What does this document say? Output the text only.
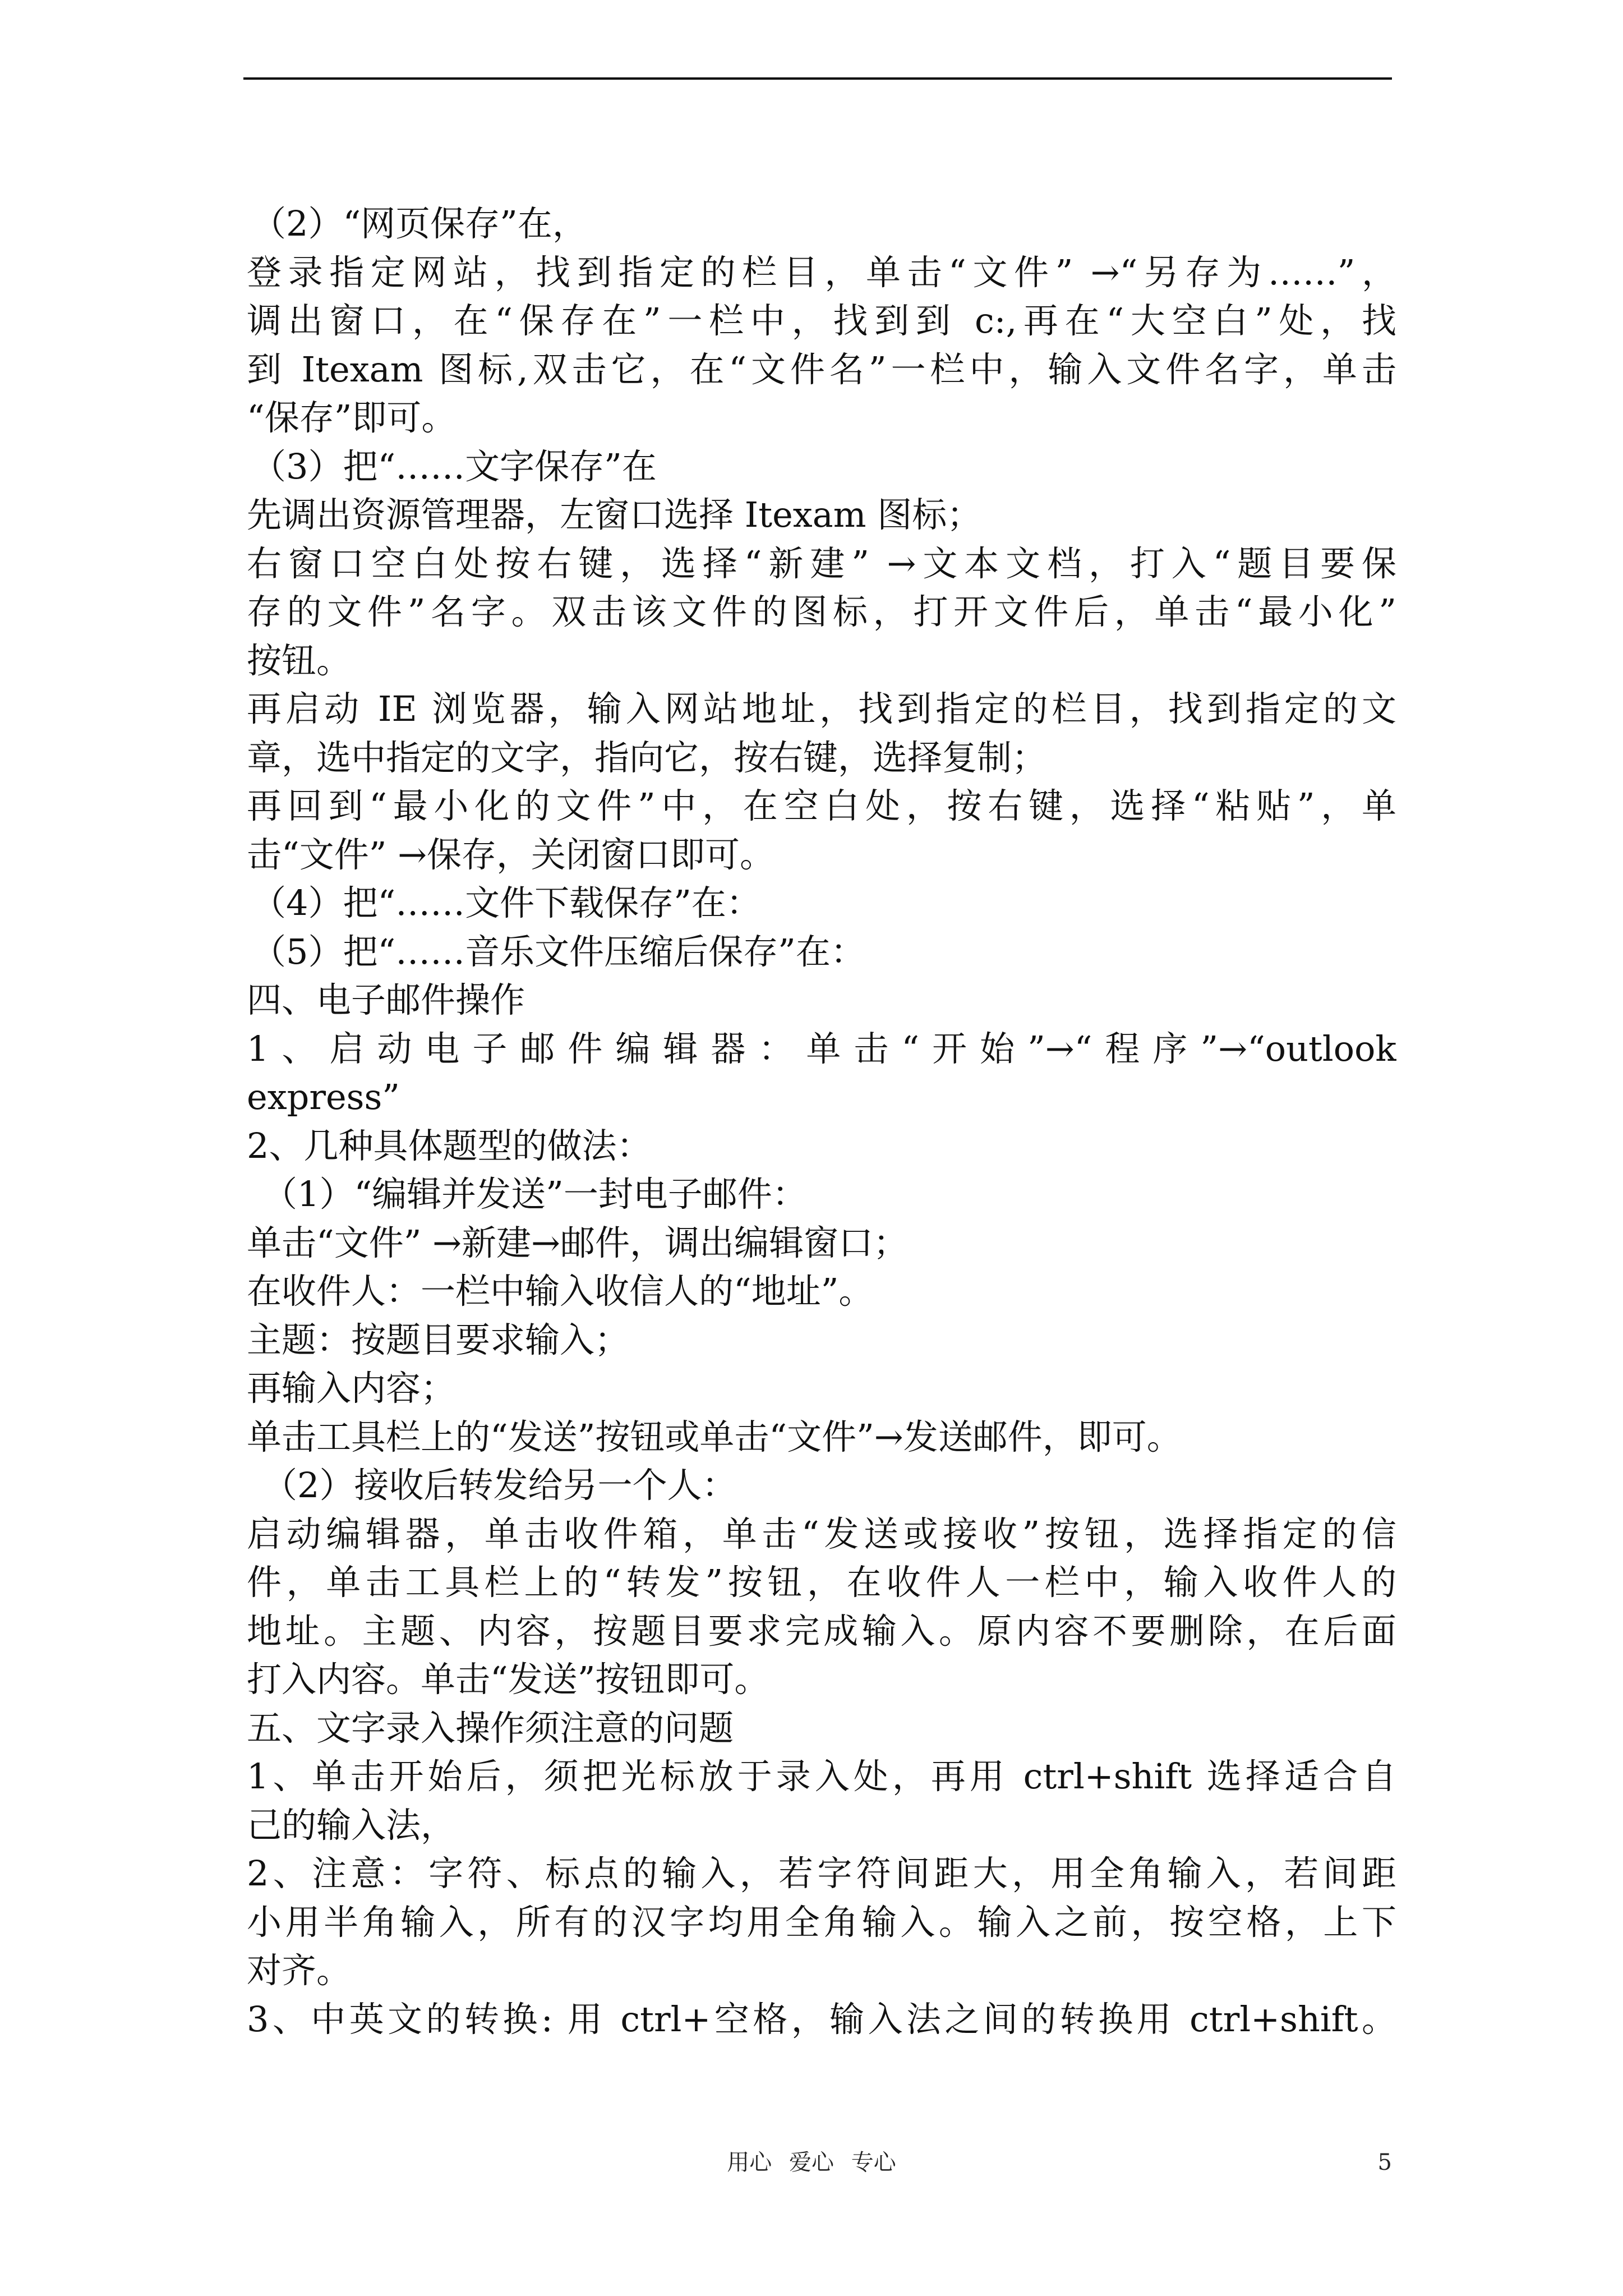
（2）“网页保存”在，
登录指定网站，找到指定的栏目，单击“文件” →“另存为……”，
调出窗口，在“保存在”一栏中，找到到 c:,再在“大空白”处，找
到 Itexam 图标,双击它，在“文件名”一栏中，输入文件名字，单击
“保存”即可。
（3）把“……文字保存”在
先调出资源管理器，左窗口选择 Itexam 图标；
右窗口空白处按右键，选择“新建” →文本文档，打入“题目要保
存的文件”名字。双击该文件的图标，打开文件后，单击“最小化”
按钮。
再启动 IE 浏览器，输入网站地址，找到指定的栏目，找到指定的文
章，选中指定的文字，指向它，按右键，选择复制；
再回到“最小化的文件”中，在空白处，按右键，选择“粘贴”，单
击“文件” →保存，关闭窗口即可。
（4）把“……文件下载保存”在：
（5）把“……音乐文件压缩后保存”在：
四、电子邮件操作
1、启动电子邮件编辑器：单击“开始”→“程序”→“outlook
express”
2、几种具体题型的做法：
（1）“编辑并发送”一封电子邮件：
单击“文件” →新建→邮件，调出编辑窗口；
在收件人：一栏中输入收信人的“地址”。
主题：按题目要求输入；
再输入内容；
单击工具栏上的“发送”按钮或单击“文件”→发送邮件，即可。
（2）接收后转发给另一个人：
启动编辑器，单击收件箱，单击“发送或接收”按钮，选择指定的信
件，单击工具栏上的“转发”按钮，在收件人一栏中，输入收件人的
地址。主题、内容，按题目要求完成输入。原内容不要删除，在后面
打入内容。单击“发送”按钮即可。
五、文字录入操作须注意的问题
1、单击开始后，须把光标放于录入处，再用 ctrl+shift 选择适合自
己的输入法，
2、注意：字符、标点的输入，若字符间距大，用全角输入，若间距
小用半角输入，所有的汉字均用全角输入。输入之前，按空格，上下
对齐。
3、中英文的转换: 用 ctrl+空格，输入法之间的转换用 ctrl+shift。
用心 爱心 专心	5
